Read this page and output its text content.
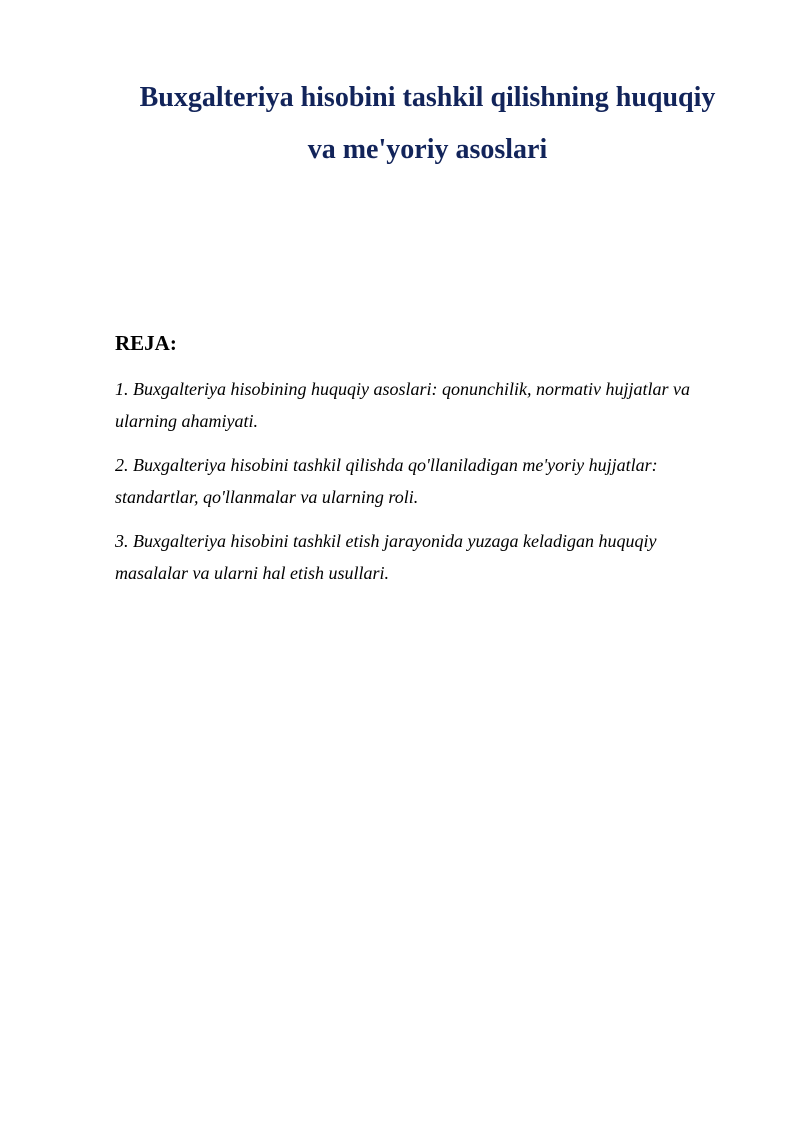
Buxgalteriya hisobini tashkil qilishning huquqiy
va me'yoriy asoslari
REJA:
1. Buxgalteriya hisobining huquqiy asoslari: qonunchilik, normativ hujjatlar va
ularning ahamiyati.
2. Buxgalteriya hisobini tashkil qilishda qo'llaniladigan me'yoriy hujjatlar:
standartlar, qo'llanmalar va ularning roli.
3. Buxgalteriya hisobini tashkil etish jarayonida yuzaga keladigan huquqiy
masalalar va ularni hal etish usullari.
